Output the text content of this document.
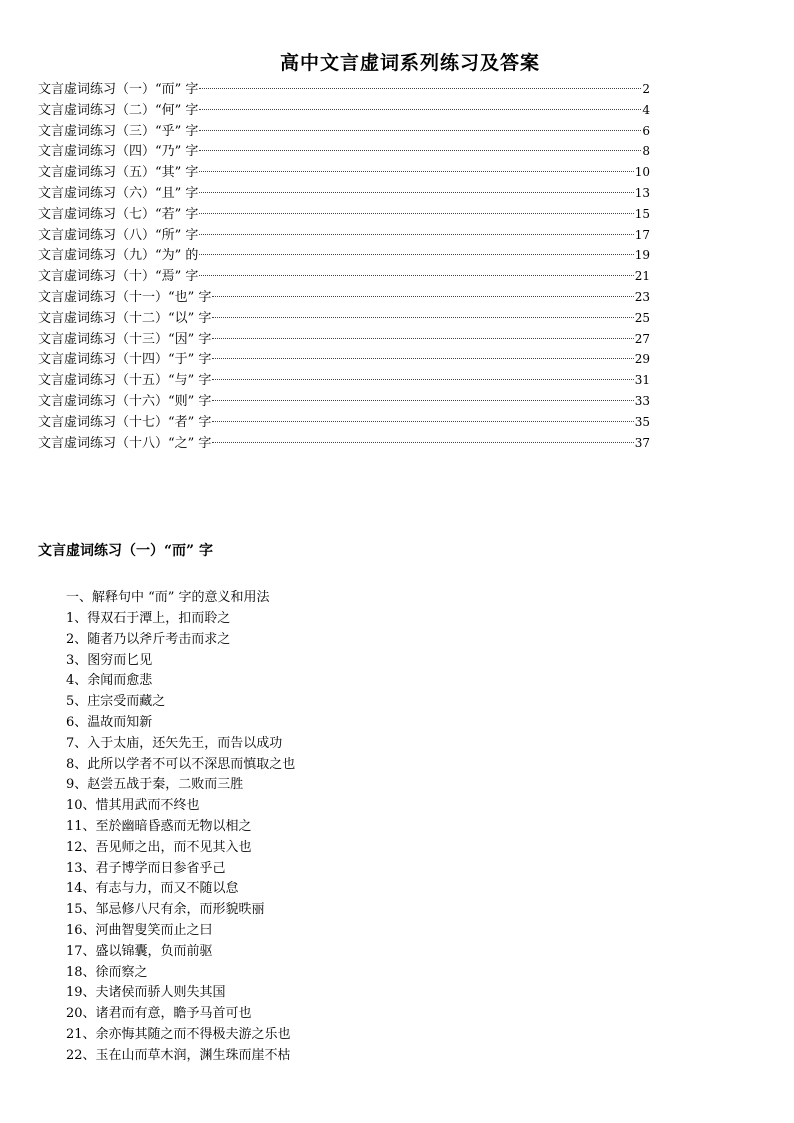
高中文言虚词系列练习及答案
文言虚词练习（一）“而” 字	2
文言虚词练习（二）“何” 字	4
文言虚词练习（三）“乎” 字	6
文言虚词练习（四）“乃” 字	8
文言虚词练习（五）“其” 字	10
文言虚词练习（六）“且” 字	13
文言虚词练习（七）“若” 字	15
文言虚词练习（八）“所” 字	17
文言虚词练习（九）“为” 的	19
文言虚词练习（十）“焉” 字	21
文言虚词练习（十一）“也” 字	23
文言虚词练习（十二）“以” 字	25
文言虚词练习（十三）“因” 字	27
文言虚词练习（十四）“于” 字	29
文言虚词练习（十五）“与” 字	31
文言虚词练习（十六）“则” 字	33
文言虚词练习（十七）“者” 字	35
文言虚词练习（十八）“之” 字	37
文言虚词练习（一）“而” 字
一、解释句中 “而” 字的意义和用法
1、得双石于潭上，扣而聆之
2、随者乃以斧斤考击而求之
3、图穷而匕见
4、余闻而愈悲
5、庄宗受而藏之
6、温故而知新
7、入于太庙，还矢先王，而告以成功
8、此所以学者不可以不深思而慎取之也
9、赵尝五战于秦，二败而三胜
10、惜其用武而不终也
11、至於幽暗昏惑而无物以相之
12、吾见师之出，而不见其入也
13、君子博学而日参省乎己
14、有志与力，而又不随以怠
15、邹忌修八尺有余，而形貌昳丽
16、河曲智叟笑而止之曰
17、盛以锦囊，负而前驱
18、徐而察之
19、夫诸侯而骄人则失其国
20、诸君而有意，瞻予马首可也
21、余亦悔其随之而不得极夫游之乐也
22、玉在山而草木润，渊生珠而崖不枯
